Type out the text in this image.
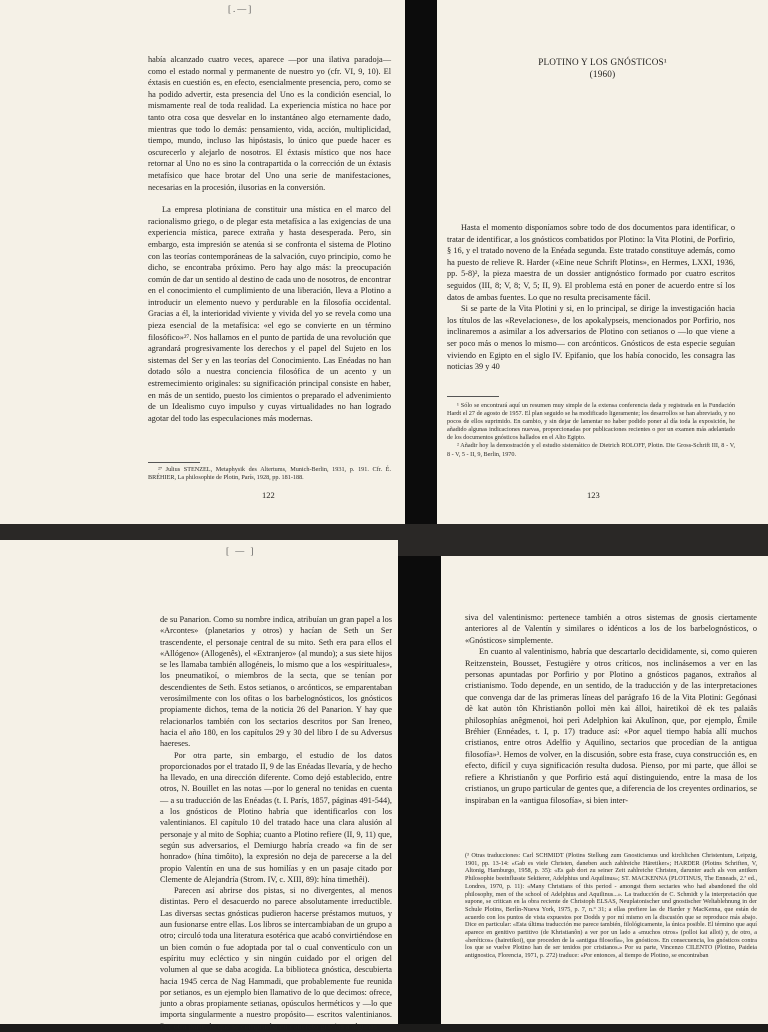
[.—]

había alcanzado cuatro veces, aparece —por una ilativa paradoja— como el estado normal y permanente de nuestro yo (cfr. VI, 9, 10). El éxtasis en cuestión es, en efecto, esencialmente presencia, pero, como se ha podido advertir, esta presencia del Uno es la condición esencial, lo mismamente real de toda realidad. La experiencia mística no hace por tanto otra cosa que desvelar en lo instantáneo algo eternamente dado, mientras que todo lo demás: pensamiento, vida, acción, multiplicidad, tiempo, mundo, incluso las hipóstasis, lo único que puede hacer es oscurecerlo y alejarlo de nosotros. El éxtasis místico que nos hace retornar al Uno no es sino la contrapartida o la corrección de un éxtasis metafísico que hace brotar del Uno una serie de manifestaciones, necesarias en la procesión, ilusorias en la conversión.

La empresa plotiniana de constituir una mística en el marco del racionalismo griego, o de plegar esta metafísica a las exigencias de una experiencia mística, parece extraña y hasta desesperada. Pero, sin embargo, esta impresión se atenúa si se confronta el sistema de Plotino con las teorías contemporáneas de la salvación, cuyo principio, como he dicho, se encontraba próximo. Pero hay algo más: la preocupación común de dar un sentido al destino de cada uno de nosotros, de encontrar en el conocimiento el cumplimiento de una liberación, lleva a Plotino a introducir un elemento nuevo y perdurable en la filosofía occidental. Gracias a él, la interioridad viviente y vivida del yo se revela como una pieza esencial de la metafísica: «el ego se convierte en un término filosófico»²⁷. Nos hallamos en el punto de partida de una revolución que agrandará progresivamente los derechos y el papel del Sujeto en los sistemas del Ser y en las teorías del Conocimiento. Las Enéadas no han dotado sólo a nuestra conciencia filosófica de un acento y un estremecimiento originales: su significación principal consiste en haber, en más de un sentido, puesto los cimientos o preparado el advenimiento de un Idealismo cuyo impulso y cuyas virtualidades no han logrado agotar del todo las especulaciones más modernas.

²⁷ Julius STENZEL, Metaphysik des Altertums, Munich-Berlin, 1931, p. 191. Cfr. É. BRÉHIER, La philosophie de Plotin, París, 1928, pp. 181-188.

122
PLOTINO Y LOS GNÓSTICOS¹
(1960)

Hasta el momento disponíamos sobre todo de dos documentos para identificar, o tratar de identificar, a los gnósticos combatidos por Plotino: la Vita Plotini, de Porfirio, § 16, y el tratado noveno de la Enéada segunda. Este tratado constituye además, como ha puesto de relieve R. Harder («Eine neue Schrift Plotins», en Hermes, LXXI, 1936, pp. 5-8)², la pieza maestra de un dossier antignóstico formado por cuatro escritos seguidos (III, 8; V, 8; V, 5; II, 9). El problema está en poner de acuerdo entre sí los datos de ambas fuentes. Lo que no resulta precisamente fácil.

Si se parte de la Vita Plotini y si, en lo principal, se dirige la investigación hacia los títulos de las «Revelaciones», de los apokalypseis, mencionados por Porfirio, nos inclinaremos a asimilar a los adversarios de Plotino con setianos o —lo que viene a ser poco más o menos lo mismo— con arcónticos. Gnósticos de esta especie seguían viviendo en Egipto en el siglo IV. Epifanio, que los había conocido, les consagra las noticias 39 y 40

¹ Sólo se encontrará aquí un resumen muy simple de la extensa conferencia dada y registrada en la Fundación Hardt el 27 de agosto de 1957. El plan seguido se ha modificado ligeramente; los desarrollos se han abreviado, y no pocos de ellos suprimido. En cambio, y sin dejar de lamentar no haber podido poner al día toda la exposición, he añadido algunas indicaciones nuevas, proporcionadas por publicaciones recientes o por un examen más adelantado de los documentos gnósticos hallados en el Alto Egipto.

² Añadir hoy la demostración y el estudio sistemático de Dietrich ROLOFF, Plotin. Die Gross-Schrift III, 8 - V, 8 - V, 5 - II, 9, Berlin, 1970.

123
[ — ]

de su Panarion. Como su nombre indica, atribuían un gran papel a los «Arcontes» (planetarios y otros) y hacían de Seth un Ser trascendente, el personaje central de su mito. Seth era para ellos el «Allógeno» (Allogenês), el «Extranjero» (al mundo); a sus siete hijos se les llamaba también allogéneis, lo mismo que a los «espirituales», los pneumatikoí, o miembros de la secta, que se tenían por descendientes de Seth. Estos setianos, o arcónticos, se emparentaban verosímilmente con los ofitas o los barbelognósticos, los gnósticos propiamente dichos, tema de la noticia 26 del Panarion. Y hay que relacionarlos también con los sectarios descritos por San Ireneo, hacia el año 180, en los capítulos 29 y 30 del libro I de su Adversus haereses.

Por otra parte, sin embargo, el estudio de los datos proporcionados por el tratado II, 9 de las Enéadas llevaría, y de hecho ha llevado, en una dirección diferente. Como dejó establecido, entre otros, N. Bouillet en las notas —por lo general no tenidas en cuenta— a su traducción de las Enéadas (t. I. París, 1857, páginas 491-544), a los gnósticos de Plotino habría que identificarlos con los valentinianos. El capítulo 10 del tratado hace una clara alusión al personaje y al mito de Sophia; cuanto a Plotino refiere (II, 9, 11) que, según sus adversarios, el Demiurgo habría creado «a fin de ser honrado» (hína timôito), la expresión no deja de parecerse a la del propio Valentín en una de sus homilías y en un pasaje citado por Clemente de Alejandría (Strom. IV, c. XIII, 89): hína timethêi).

Parecen así abrirse dos pistas, si no divergentes, al menos distintas. Pero el desacuerdo no parece absolutamente irreductible. Las diversas sectas gnósticas pudieron hacerse préstamos mutuos, y aun fusionarse entre ellas. Los libros se intercambiaban de un grupo a otro; circuló toda una literatura esotérica que acabó convirtiéndose en un bien común o fue adoptada por tal o cual conventículo con un espíritu muy ecléctico y sin ningún cuidado por el origen del volumen al que se daba acogida. La biblioteca gnóstica, descubierta hacia 1945 cerca de Nag Hammadi, que probablemente fue reunida por setianos, es un ejemplo bien llamativo de lo que decimos: ofrece, junto a obras propiamente setianas, opúsculos herméticos y —lo que importa singularmente a nuestro propósito— escritos valentinianos. Por otra parte, lo que se comprueba en concreto gracias a algunas

siva del valentinismo: pertenece también a otros sistemas de gnosis ciertamente anteriores al de Valentín y similares o idénticos a los de los barbelognósticos, o «Gnósticos» simplemente.

En cuanto al valentinismo, habría que descartarlo decididamente, si, como quieren Reitzenstein, Bousset, Festugière y otros críticos, nos inclinásemos a ver en las personas apuntadas por Porfirio y por Plotino a gnósticos paganos, extraños al cristianismo. Todo depende, en un sentido, de la traducción y de las interpretaciones que convenga dar de las primeras líneas del parágrafo 16 de la Vita Plotini: Gegónasi dè kat autòn tôn Khristianôn polloì mèn kaì álloi, hairetikoì dè ek tes palaiâs philosophías anêgmenoi, hoi perì Adelphìon kaì Akulînon, que, por ejemplo, Émile Bréhier (Ennéades, t. I, p. 17) traduce así: «Por aquel tiempo había allí muchos cristianos, entre otros Adelfio y Aquilino, sectarios que procedían de la antigua filosofía»³. Hemos de volver, en la discusión, sobre esta frase, cuya construcción es, en efecto, difícil y cuya significación resulta dudosa. Pienso, por mi parte, que álloi se refiere a Khristianôn y que Porfirio está aquí distinguiendo, entre la masa de los cristianos, un grupo particular de gentes que, a diferencia de los creyentes ordinarios, se inspiraban en la «antigua filosofía», si bien inter-

(³ Otras traducciones: Carl SCHMIDT (Plotins Stellung zum Gnosticismus und kirchlichen Christentum, Leipzig, 1901, pp. 13-14: «Gab es viele Christen, daneben auch zahlreiche Häretiker»; HARDER (Plotins Schriften, V, Altonig, Hamburgo, 1958, p. 35): «Es gab dort zu seiner Zeit zahlreiche Christen, darunter auch als von antiken Philosophie beeinflusste Sektierer, Adelphius und Aquilinus»; ST. MACKENNA (PLOTINUS, The Enneads, 2.ª ed., Londres, 1970, p. 11): «Many Christians of this period - amongst them sectaries who had abandoned the old philosophy, men of the school of Adelphius and Aquilinus...». La traducción de C. Schmidt y la interpretación que supone, se critican en la obra reciente de Christoph ELSAS, Neuplatonischer und gnostischer Weltablehnung in der Schule Plotins, Berlín-Nueva York, 1975, p. 7, n.º 31; a ellas prefiere las de Harder y MacKenna, que están de acuerdo con los puntos de vista expuestos por Dodds y por mí mismo en la discusión que se reproduce más abajo. Dice en particular: «Esta última traducción me parece también, filológicamente, la única posible. El término que aquí aparece en genitivo partitivo (de Khristianôn) a ver por un lado a «muchos otros» (polloi kai alloi) y, de otro, a «heréticos» (hairetikoi), que proceden de la «antigua filosofía», los gnósticos. En consecuencia, los gnósticos contra los que se vuelve Plotino han de ser tenidos por cristianos.» Por su parte, Vincenzo CILENTO (Plotino, Paideia antignostica, Florencia, 1971, p. 272) traduce: «Por entonces, al tiempo de Plotino, se encontraban
